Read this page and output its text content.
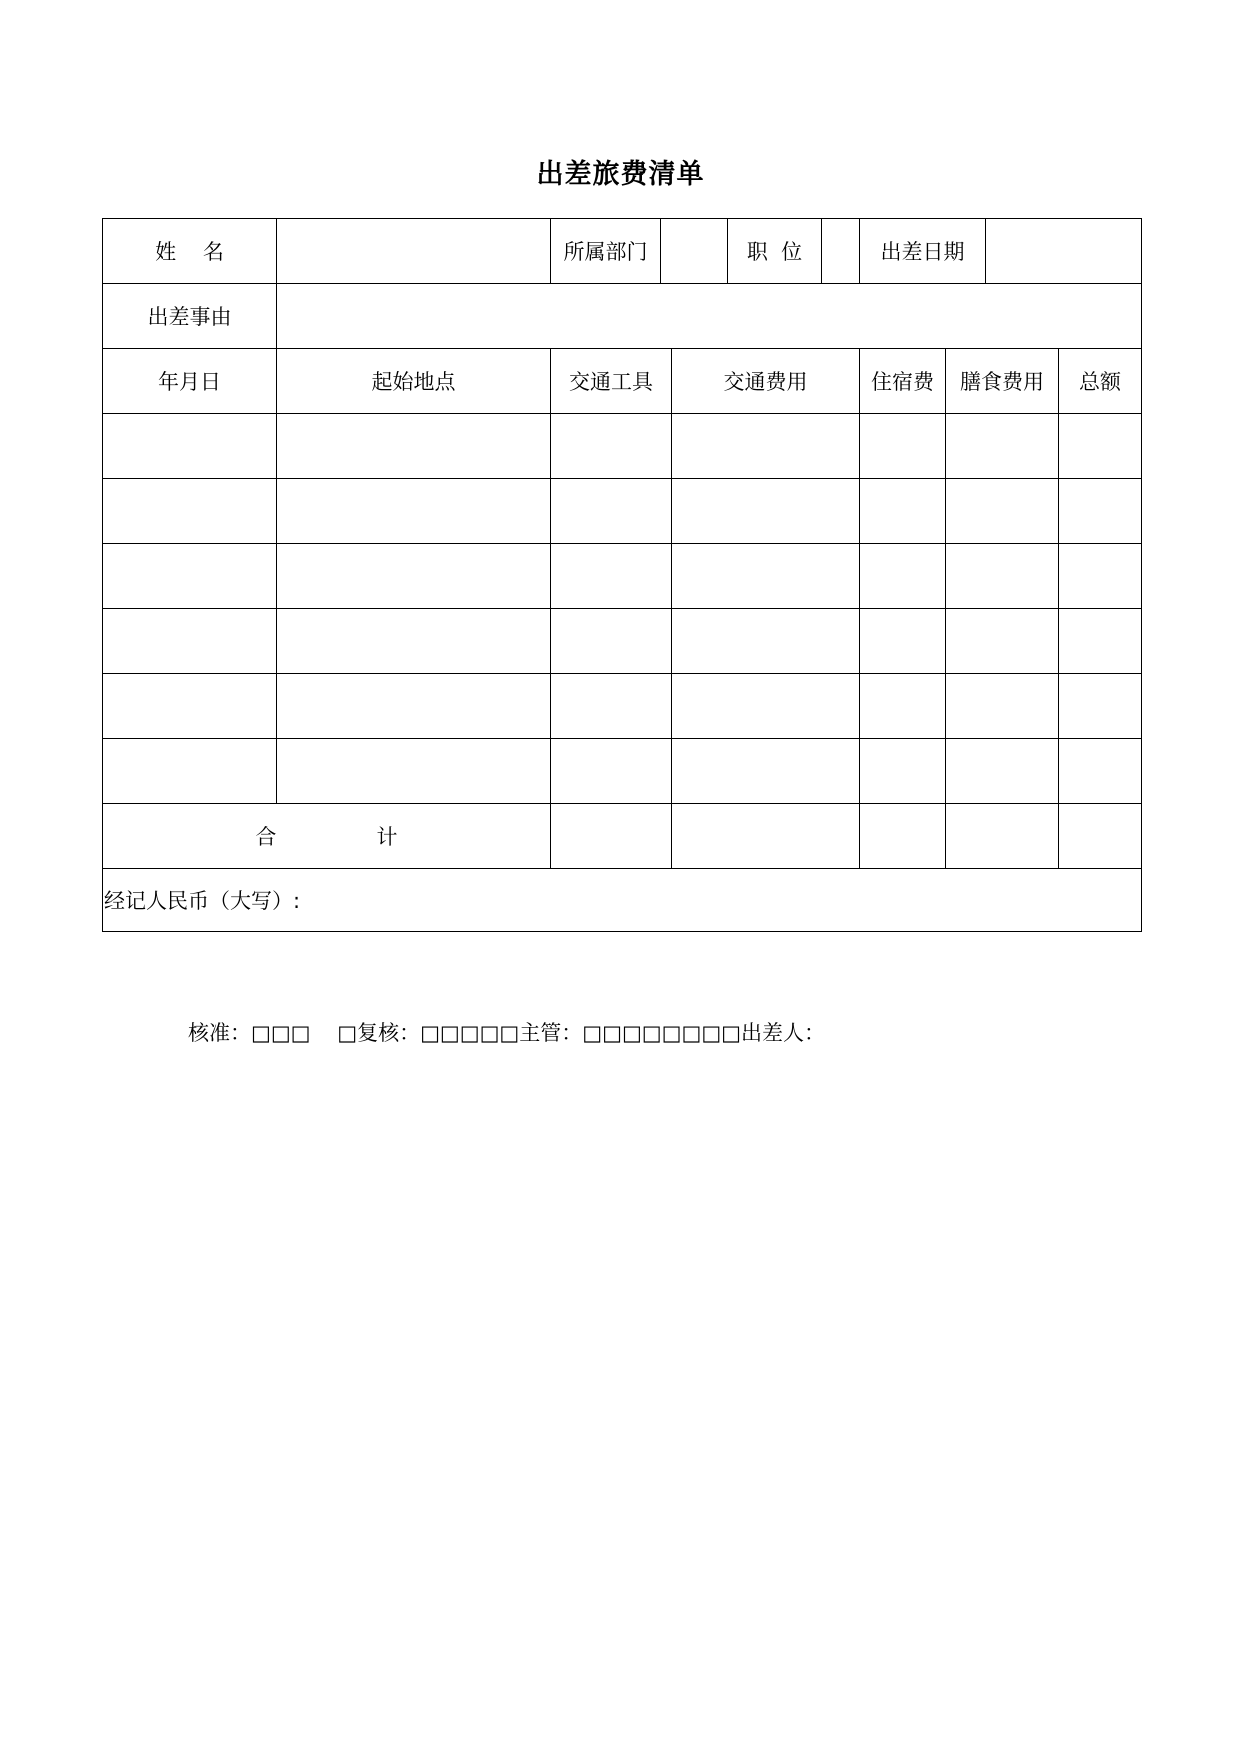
出差旅费清单
姓    名		所属部门			职  位		出差日期			
出差事由										
年月日	起始地点	交通工具		交通费用			住宿费	膳食费用		总额

合               计										
经记人民币（大写）:										
核准：□□□    □复核：□□□□□主管：□□□□□□□□出差人：
